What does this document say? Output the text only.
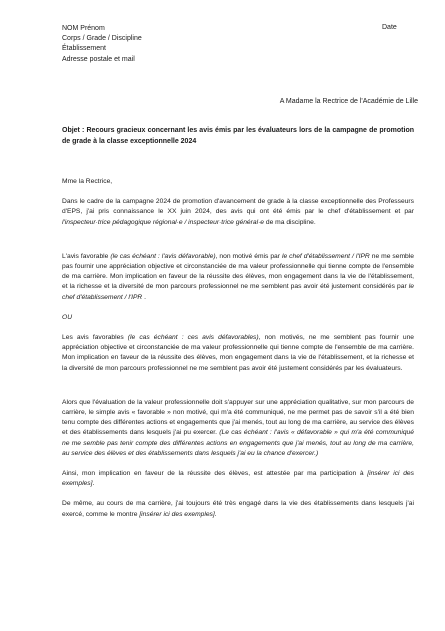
NOM Prénom
Corps / Grade / Discipline
Établissement
Adresse postale et mail
Date
A Madame la Rectrice de l'Académie de Lille
Objet : Recours gracieux concernant les avis émis par les évaluateurs lors de la campagne de promotion de grade à la classe exceptionnelle 2024

Mme la Rectrice,

Dans le cadre de la campagne 2024 de promotion d'avancement de grade à la classe exceptionnelle des Professeurs d'EPS, j'ai pris connaissance le XX juin 2024, des avis qui ont été émis par le chef d'établissement et par l'inspecteur·trice pédagogique régional·e / inspecteur·trice général·e de ma discipline.

L'avis favorable (le cas échéant : l'avis défavorable), non motivé émis par le chef d'établissement / l'IPR ne me semble pas fournir une appréciation objective et circonstanciée de ma valeur professionnelle qui tienne compte de l'ensemble de ma carrière. Mon implication en faveur de la réussite des élèves, mon engagement dans la vie de l'établissement, et la richesse et la diversité de mon parcours professionnel ne me semblent pas avoir été justement considérés par le chef d'établissement / l'IPR .

OU

Les avis favorables (le cas échéant : ces avis défavorables), non motivés, ne me semblent pas fournir une appréciation objective et circonstanciée de ma valeur professionnelle qui tienne compte de l'ensemble de ma carrière. Mon implication en faveur de la réussite des élèves, mon engagement dans la vie de l'établissement, et la richesse et la diversité de mon parcours professionnel ne me semblent pas avoir été justement considérés par les évaluateurs.

Alors que l'évaluation de la valeur professionnelle doit s'appuyer sur une appréciation qualitative, sur mon parcours de carrière, le simple avis « favorable » non motivé, qui m'a été communiqué, ne me permet pas de savoir s'il a été bien tenu compte des différentes actions et engagements que j'ai menés, tout au long de ma carrière, au service des élèves et des établissements dans lesquels j'ai pu exercer. (Le cas échéant : l'avis « défavorable » qui m'a été communiqué ne me semble pas tenir compte des différentes actions en engagements que j'ai menés, tout au long de ma carrière, au service des élèves et des établissements dans lesquels j'ai eu la chance d'exercer.)

Ainsi, mon implication en faveur de la réussite des élèves, est attestée par ma participation à [insérer ici des exemples].

De même, au cours de ma carrière, j'ai toujours été très engagé dans la vie des établissements dans lesquels j'ai exercé, comme le montre [insérer ici des exemples].
